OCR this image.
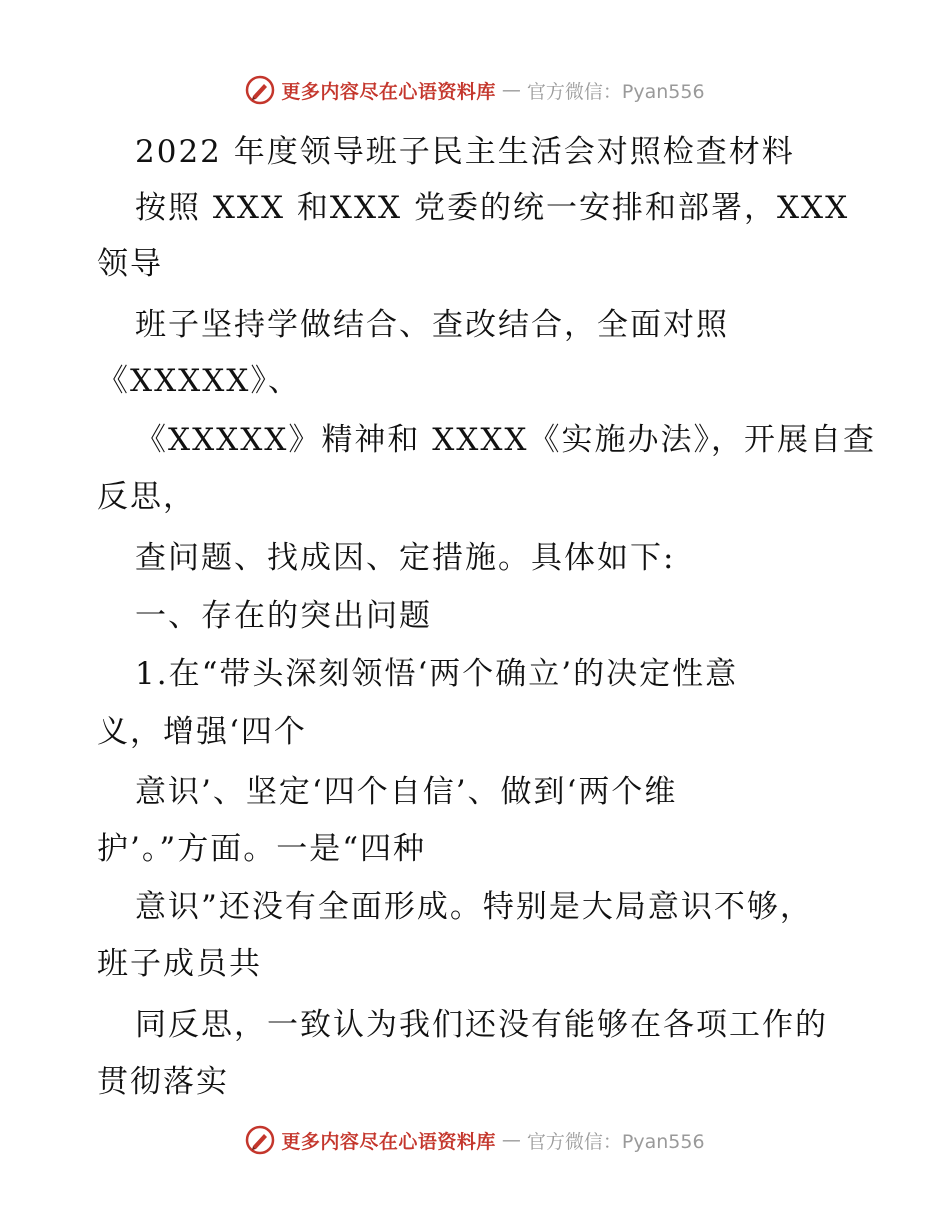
更多内容尽在心语资料库 — 官方微信：Pyan556
2022 年度领导班子民主生活会对照检查材料
按照 XXX 和XXX 党委的统一安排和部署，XXX
领导
班子坚持学做结合、查改结合，全面对照
《XXXXX》、
《XXXXX》精神和 XXXX《实施办法》，开展自查
反思，
查问题、找成因、定措施。具体如下:
一、存在的突出问题
1.在“带头深刻领悟‘两个确立’的决定性意
义，增强‘四个
意识’、坚定‘四个自信’、做到‘两个维
护’。”方面。一是“四种
意识”还没有全面形成。特别是大局意识不够，
班子成员共
同反思，一致认为我们还没有能够在各项工作的
贯彻落实
更多内容尽在心语资料库 — 官方微信：Pyan556
